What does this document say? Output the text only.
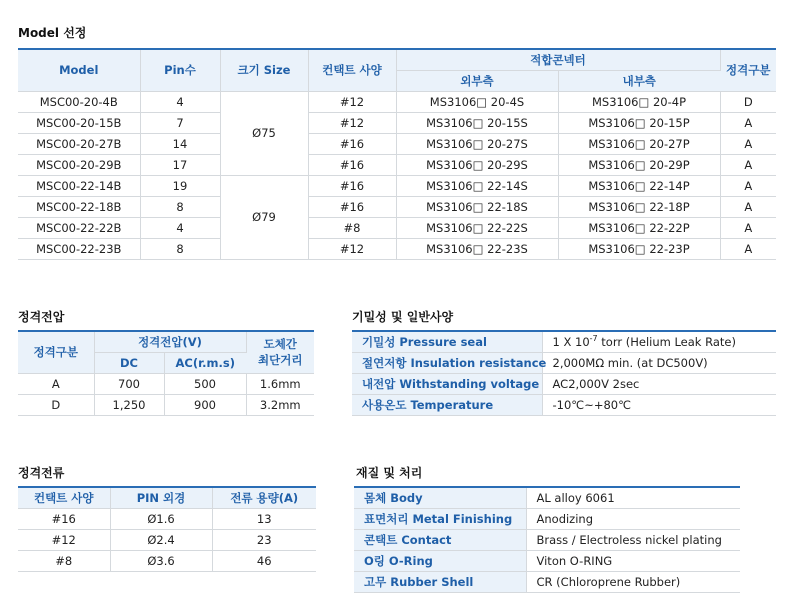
Model 선정
Model	Pin수	크기 Size	컨택트 사양	적합콘넥터		정격구분
				외부측	내부측	
MSC00-20-4B	4	Ø75	#12	MS3106□ 20-4S	MS3106□ 20-4P	D
MSC00-20-15B	7		#12	MS3106□ 20-15S	MS3106□ 20-15P	A
MSC00-20-27B	14		#16	MS3106□ 20-27S	MS3106□ 20-27P	A
MSC00-20-29B	17		#16	MS3106□ 20-29S	MS3106□ 20-29P	A
MSC00-22-14B	19	Ø79	#16	MS3106□ 22-14S	MS3106□ 22-14P	A
MSC00-22-18B	8		#16	MS3106□ 22-18S	MS3106□ 22-18P	A
MSC00-22-22B	4		#8	MS3106□ 22-22S	MS3106□ 22-22P	A
MSC00-22-23B	8		#12	MS3106□ 22-23S	MS3106□ 22-23P	A
정격전압
정격구분	정격전압(V)		도체간
최단거리

	DC	AC(r.m.s)	
A	700	500	1.6mm
D	1,250	900	3.2mm
기밀성 및 일반사양
기밀성 Pressure seal	1 X $10^{-7}$ torr (Helium Leak Rate)
절연저항 Insulation resistance	2,000MΩ min. (at DC500V)
내전압 Withstanding voltage	AC2,000V 2sec
사용온도 Temperature	-10℃~+80℃
정격전류
컨택트 사양	PIN 외경	전류 용량(A)
#16	Ø1.6	13
#12	Ø2.4	23
#8	Ø3.6	46
재질 및 처리
몸체 Body	AL alloy 6061
표면처리 Metal Finishing	Anodizing
콘택트 Contact	Brass / Electroless nickel plating
O링 O-Ring	Viton O-RING
고무 Rubber Shell	CR (Chloroprene Rubber)
